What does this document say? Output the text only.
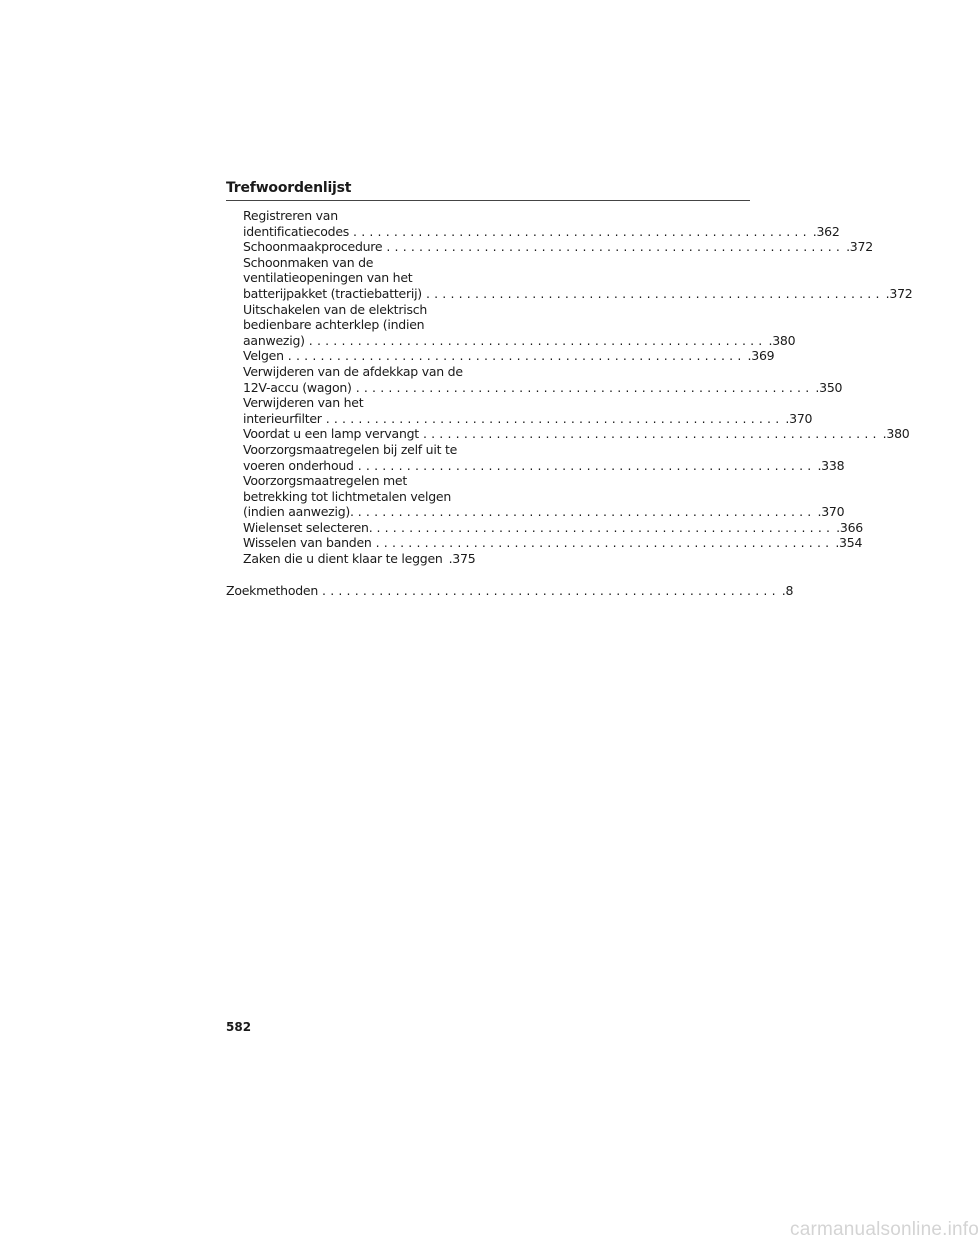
Trefwoordenlijst
Registreren van
identificatiecodes ........................................................ .362
Schoonmaakprocedure ........................................................ .372
Schoonmaken van de
ventilatieopeningen van het
batterijpakket (tractiebatterij) ........................................................ .372
Uitschakelen van de elektrisch
bedienbare achterklep (indien
aanwezig) ........................................................ .380
Velgen ........................................................ .369
Verwijderen van de afdekkap van de
12V-accu (wagon) ........................................................ .350
Verwijderen van het
interieurfilter ........................................................ .370
Voordat u een lamp vervangt ........................................................ .380
Voorzorgsmaatregelen bij zelf uit te
voeren onderhoud ........................................................ .338
Voorzorgsmaatregelen met
betrekking tot lichtmetalen velgen
(indien aanwezig). ........................................................ .370
Wielenset selecteren. ........................................................ .366
Wisselen van banden ........................................................ .354
Zaken die u dient klaar te leggen .375
Zoekmethoden ........................................................ .8
582
carmanualsonline.info
